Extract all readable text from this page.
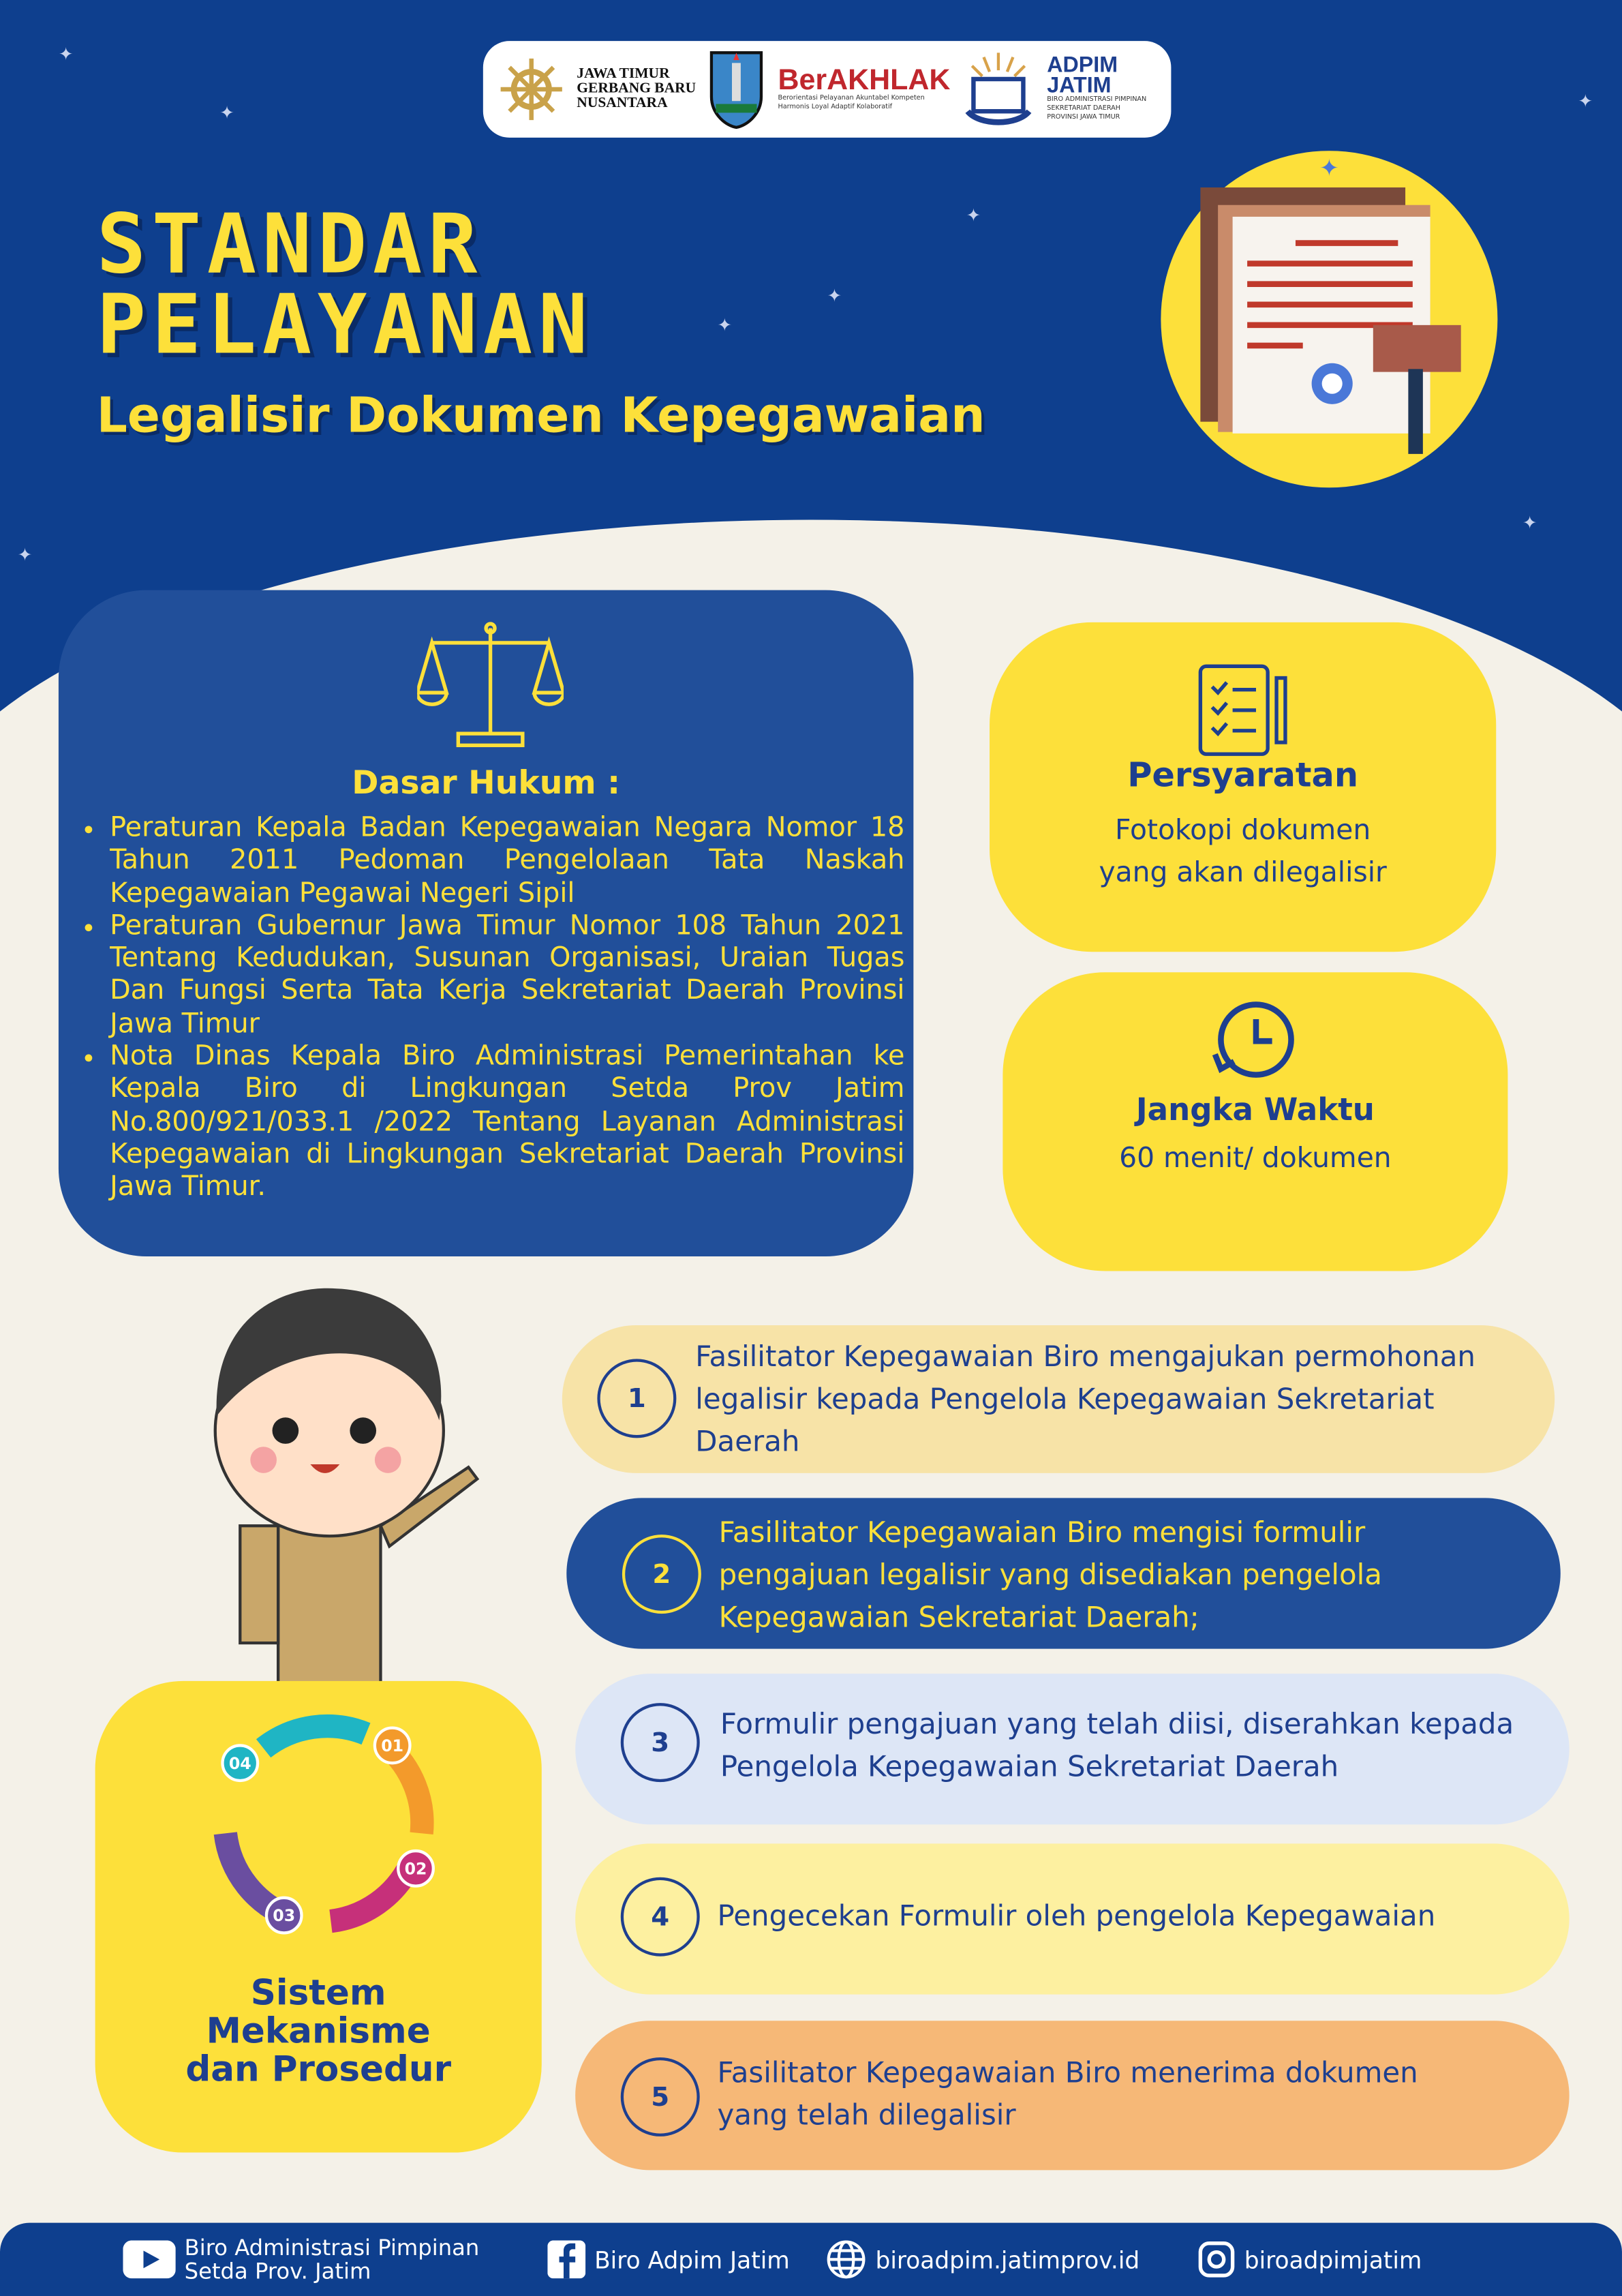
✦
✦
✦
✦
✦
✦
✦
✦
JAWA TIMUR
GERBANG BARU
NUSANTARA
BerAKHLAK
Berorientasi Pelayanan Akuntabel Kompeten
Harmonis Loyal Adaptif Kolaboratif
ADPIM
JATIM
BIRO ADMINISTRASI PIMPINAN
SEKRETARIAT DAERAH
PROVINSI JAWA TIMUR
STANDAR
PELAYANAN
Legalisir Dokumen Kepegawaian
✦
Dasar Hukum :
• Peraturan Kepala Badan Kepegawaian Negara Nomor 18 Tahun 2011 Pedoman Pengelolaan Tata Naskah Kepegawaian Pegawai Negeri Sipil
• Peraturan Gubernur Jawa Timur Nomor 108 Tahun 2021 Tentang Kedudukan, Susunan Organisasi, Uraian Tugas Dan Fungsi Serta Tata Kerja Sekretariat Daerah Provinsi Jawa Timur
• Nota Dinas Kepala Biro Administrasi Pemerintahan ke Kepala Biro di Lingkungan Setda Prov Jatim No.800/921/033.1 /2022 Tentang Layanan Administrasi Kepegawaian di Lingkungan Sekretariat Daerah Provinsi Jawa Timur.
Persyaratan
Fotokopi dokumen
yang akan dilegalisir
Jangka Waktu
60 menit/ dokumen
01
02
03
04
Sistem
Mekanisme
dan Prosedur
1
Fasilitator Kepegawaian Biro mengajukan permohonan legalisir kepada Pengelola Kepegawaian Sekretariat Daerah
2
Fasilitator Kepegawaian Biro mengisi formulir pengajuan legalisir yang disediakan pengelola Kepegawaian Sekretariat Daerah;
3
Formulir pengajuan yang telah diisi, diserahkan kepada Pengelola Kepegawaian Sekretariat Daerah
4	Pengecekan Formulir oleh pengelola Kepegawaian
5
Fasilitator Kepegawaian Biro menerima dokumen yang telah dilegalisir
Biro Administrasi Pimpinan
Setda Prov. Jatim	Biro Adpim Jatim	biroadpim.jatimprov.id	biroadpimjatim
